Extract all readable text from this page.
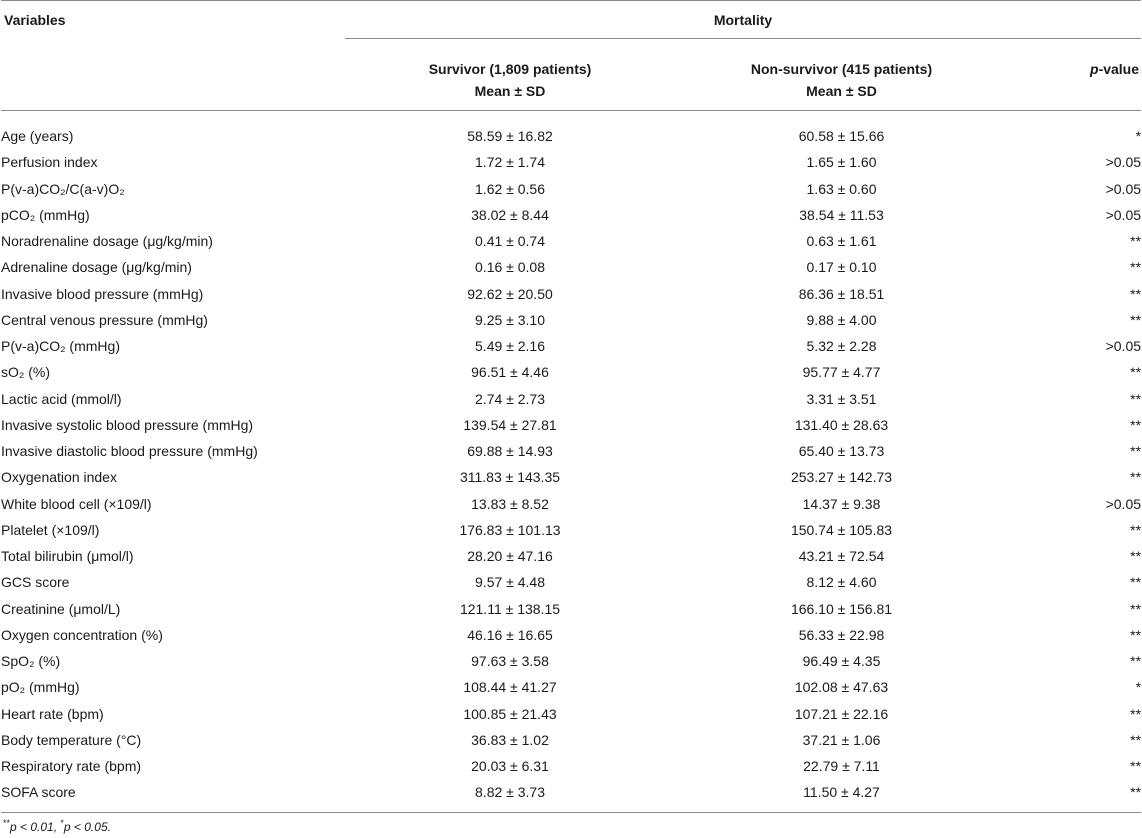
Variables	Mortality		
	Survivor (1,809 patients)	Non-survivor (415 patients)	p-value
	Mean ± SD	Mean ± SD	

Age (years)	58.59 ± 16.82	60.58 ± 15.66	*
Perfusion index	1.72 ± 1.74	1.65 ± 1.60	>0.05
P(v-a)CO₂/C(a-v)O₂	1.62 ± 0.56	1.63 ± 0.60	>0.05
pCO₂ (mmHg)	38.02 ± 8.44	38.54 ± 11.53	>0.05
Noradrenaline dosage (μg/kg/min)	0.41 ± 0.74	0.63 ± 1.61	**
Adrenaline dosage (μg/kg/min)	0.16 ± 0.08	0.17 ± 0.10	**
Invasive blood pressure (mmHg)	92.62 ± 20.50	86.36 ± 18.51	**
Central venous pressure (mmHg)	9.25 ± 3.10	9.88 ± 4.00	**
P(v-a)CO₂ (mmHg)	5.49 ± 2.16	5.32 ± 2.28	>0.05
sO₂ (%)	96.51 ± 4.46	95.77 ± 4.77	**
Lactic acid (mmol/l)	2.74 ± 2.73	3.31 ± 3.51	**
Invasive systolic blood pressure (mmHg)	139.54 ± 27.81	131.40 ± 28.63	**
Invasive diastolic blood pressure (mmHg)	69.88 ± 14.93	65.40 ± 13.73	**
Oxygenation index	311.83 ± 143.35	253.27 ± 142.73	**
White blood cell (×109/l)	13.83 ± 8.52	14.37 ± 9.38	>0.05
Platelet (×109/l)	176.83 ± 101.13	150.74 ± 105.83	**
Total bilirubin (μmol/l)	28.20 ± 47.16	43.21 ± 72.54	**
GCS score	9.57 ± 4.48	8.12 ± 4.60	**
Creatinine (μmol/L)	121.11 ± 138.15	166.10 ± 156.81	**
Oxygen concentration (%)	46.16 ± 16.65	56.33 ± 22.98	**
SpO₂ (%)	97.63 ± 3.58	96.49 ± 4.35	**
pO₂ (mmHg)	108.44 ± 41.27	102.08 ± 47.63	*
Heart rate (bpm)	100.85 ± 21.43	107.21 ± 22.16	**
Body temperature (°C)	36.83 ± 1.02	37.21 ± 1.06	**
Respiratory rate (bpm)	20.03 ± 6.31	22.79 ± 7.11	**
SOFA score	8.82 ± 3.73	11.50 ± 4.27	**
**p < 0.01, *p < 0.05.
